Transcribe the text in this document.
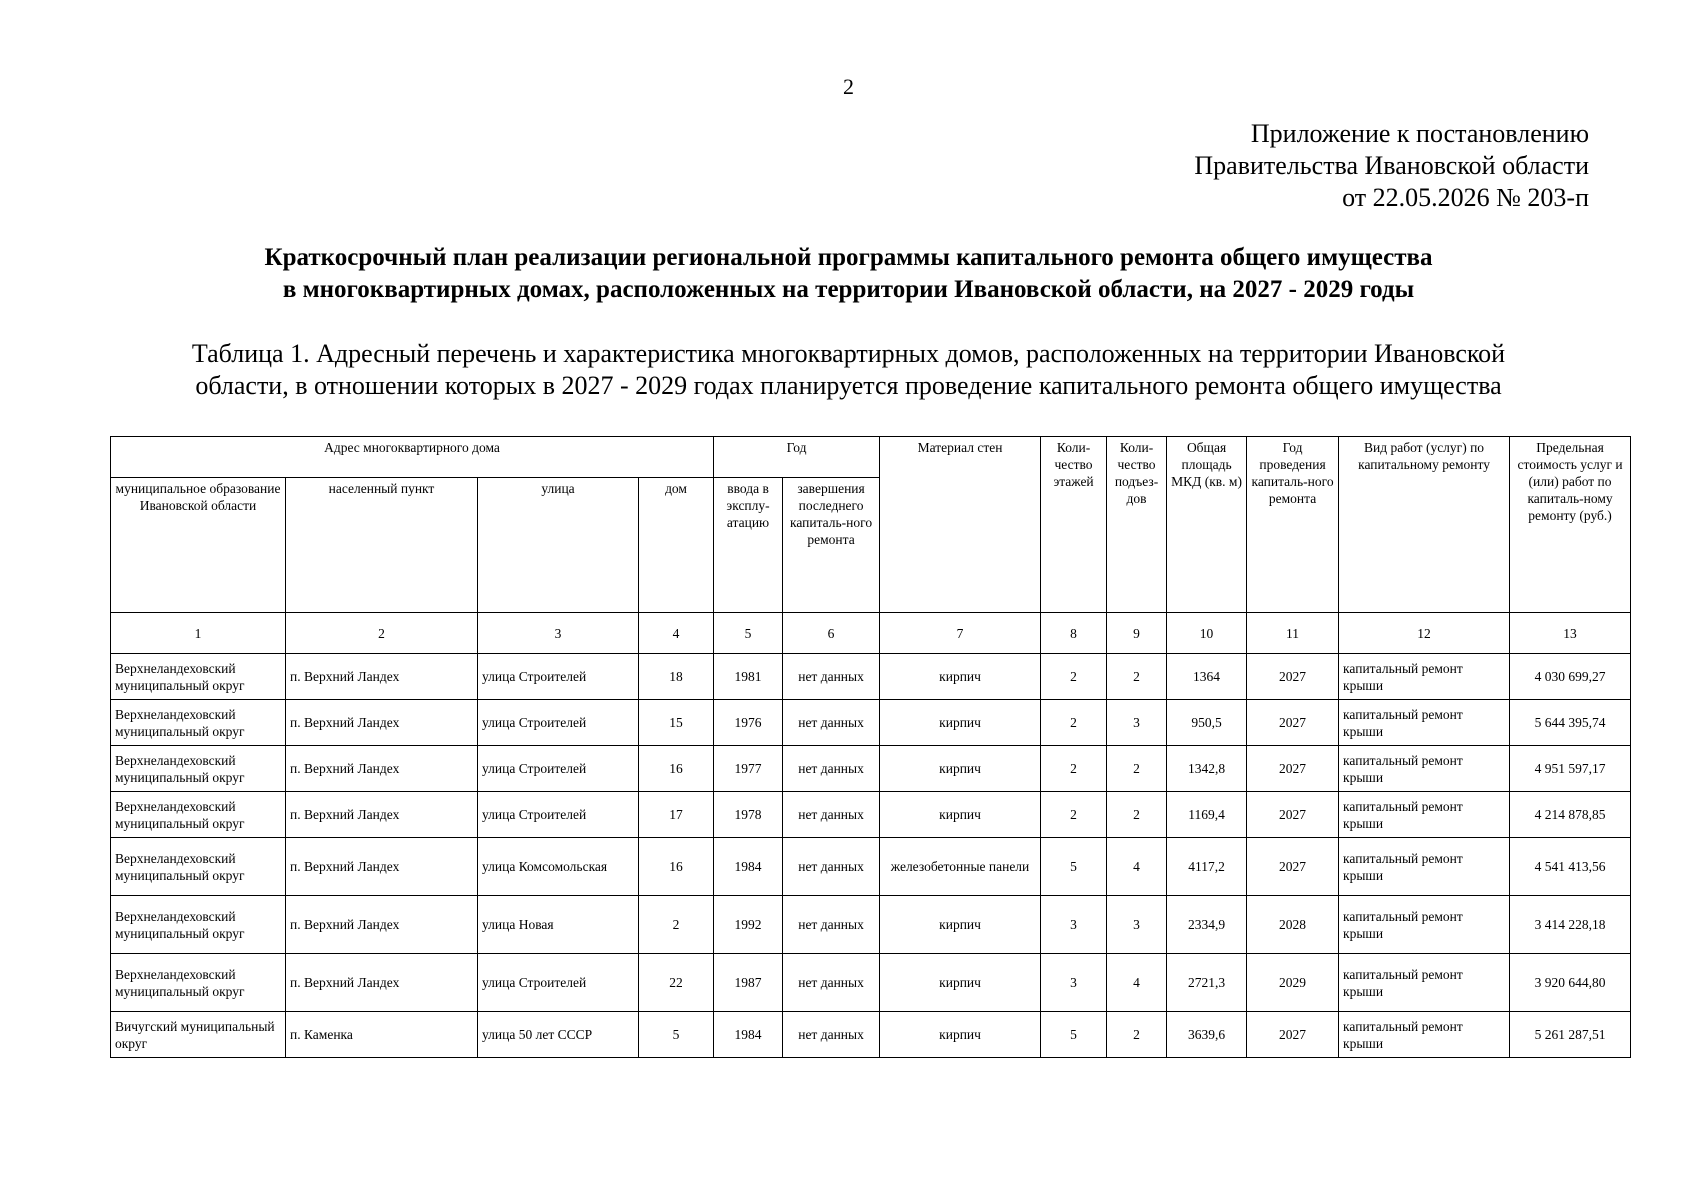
2
Приложение к постановлению
Правительства Ивановской области
от 22.05.2026 № 203-п
Краткосрочный план реализации региональной программы капитального ремонта общего имущества
в многоквартирных домах, расположенных на территории Ивановской области, на 2027 - 2029 годы
Таблица 1. Адресный перечень и характеристика многоквартирных домов, расположенных на территории Ивановской
области, в отношении которых в 2027 - 2029 годах планируется проведение капитального ремонта общего имущества
Адрес многоквартирного дома				Год		Материал стен	Коли-чество этажей	Коли-чество подъез-дов	Общая площадь МКД (кв. м)	Год проведения капиталь-ного ремонта	Вид работ (услуг) по капитальному ремонту	Предельная стоимость услуг и (или) работ по капиталь-ному ремонту (руб.)
муниципальное образование Ивановской области	населенный пункт	улица	дом	ввода в эксплу-атацию	завершения последнего капиталь-ного ремонта							
1	2	3	4	5	6	7	8	9	10	11	12	13
Верхнеландеховский муниципальный округ	п. Верхний Ландех	улица Строителей	18	1981	нет данных	кирпич	2	2	1364	2027	капитальный ремонт крыши	4 030 699,27
Верхнеландеховский муниципальный округ	п. Верхний Ландех	улица Строителей	15	1976	нет данных	кирпич	2	3	950,5	2027	капитальный ремонт крыши	5 644 395,74
Верхнеландеховский муниципальный округ	п. Верхний Ландех	улица Строителей	16	1977	нет данных	кирпич	2	2	1342,8	2027	капитальный ремонт крыши	4 951 597,17
Верхнеландеховский муниципальный округ	п. Верхний Ландех	улица Строителей	17	1978	нет данных	кирпич	2	2	1169,4	2027	капитальный ремонт крыши	4 214 878,85
Верхнеландеховский муниципальный округ	п. Верхний Ландех	улица Комсомольская	16	1984	нет данных	железобетонные панели	5	4	4117,2	2027	капитальный ремонт крыши	4 541 413,56
Верхнеландеховский муниципальный округ	п. Верхний Ландех	улица Новая	2	1992	нет данных	кирпич	3	3	2334,9	2028	капитальный ремонт крыши	3 414 228,18
Верхнеландеховский муниципальный округ	п. Верхний Ландех	улица Строителей	22	1987	нет данных	кирпич	3	4	2721,3	2029	капитальный ремонт крыши	3 920 644,80
Вичугский муниципальный округ	п. Каменка	улица 50 лет СССР	5	1984	нет данных	кирпич	5	2	3639,6	2027	капитальный ремонт крыши	5 261 287,51
